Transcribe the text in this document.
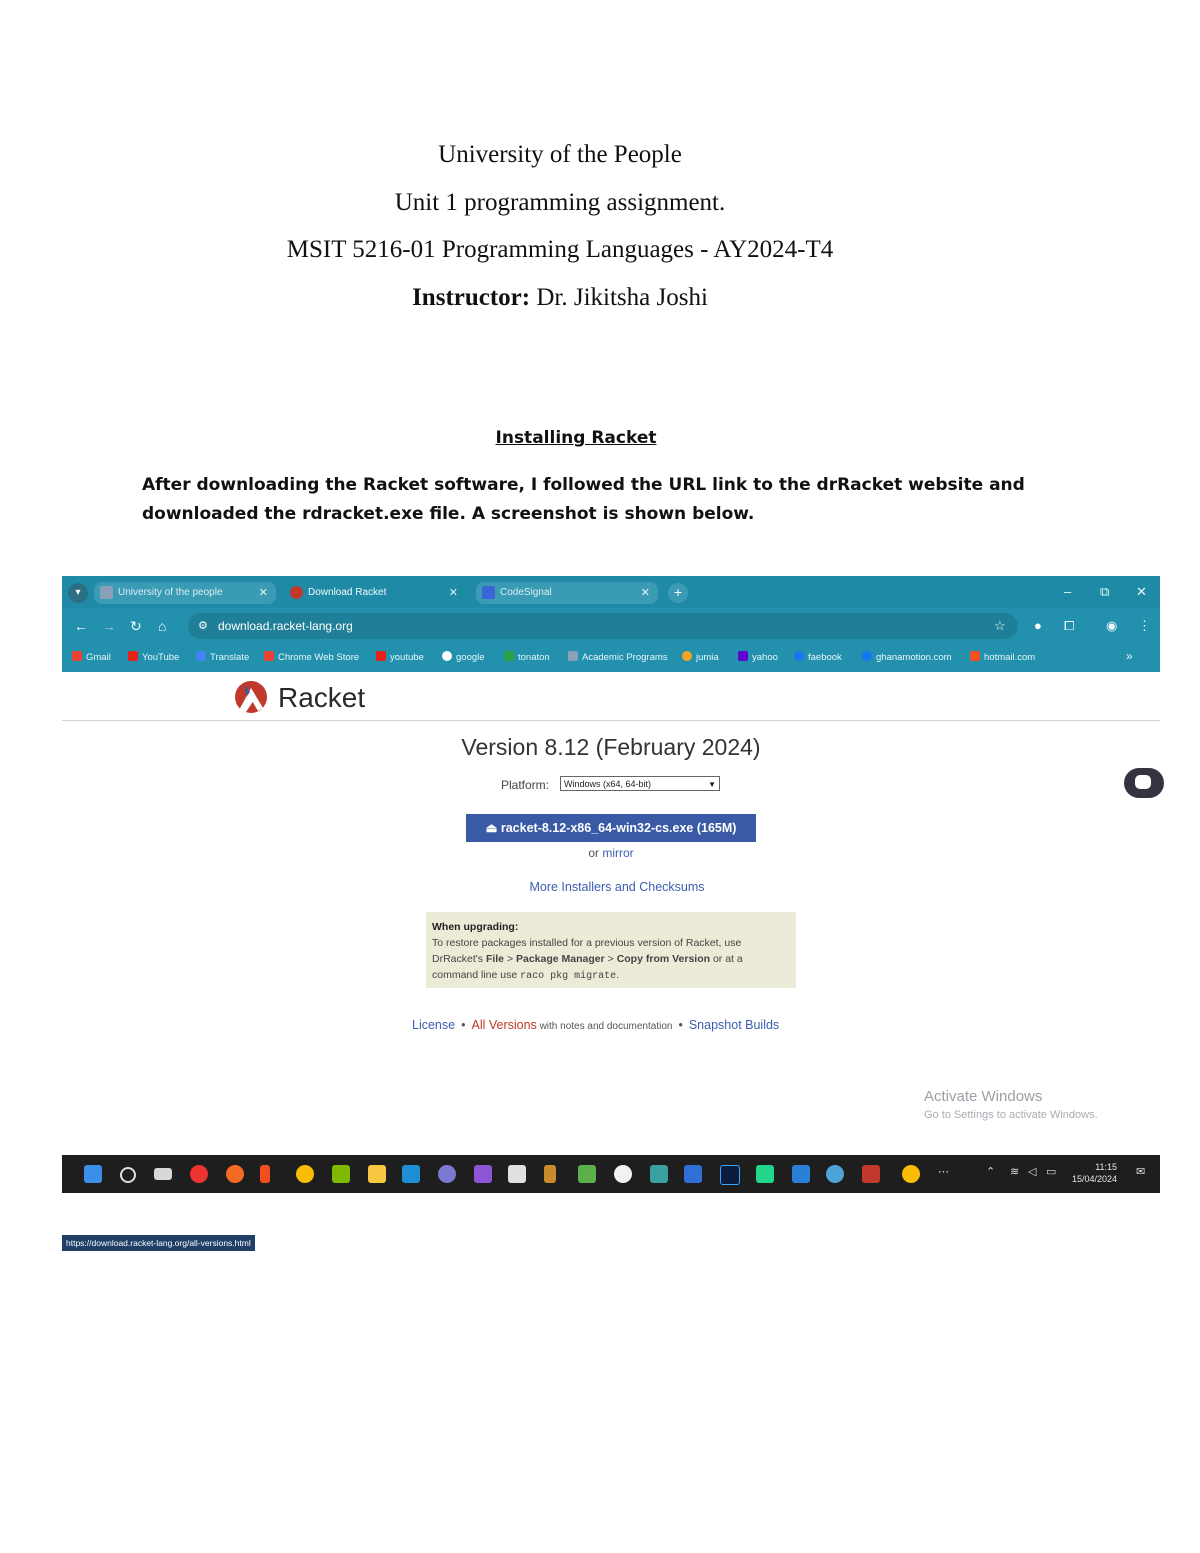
University of the People
Unit 1 programming assignment.
MSIT 5216-01 Programming Languages - AY2024-T4
Instructor: Dr. Jikitsha Joshi
Installing Racket
After downloading the Racket software, I followed the URL link to the drRacket website and downloaded the rdracket.exe file. A screenshot is shown below.
▾	University of the people	✕	Download Racket	✕	CodeSignal	✕	+	– ⧉ ✕
← → ↻ ⌂	⚙ download.racket-lang.org	☆ ● ⧠ ◉ ⋮
Gmail	YouTube	Translate	Chrome Web Store	youtube	google	tonaton	Academic Programs	jumia	yahoo	faebook	ghanamotion.com	hotmail.com	»
Racket
Version 8.12 (February 2024)
Platform:	Windows (x64, 64-bit)	▼
⏏ racket-8.12-x86_64-win32-cs.exe (165M)
or mirror
More Installers and Checksums
When upgrading:
To restore packages installed for a previous version of Racket, use
DrRacket's File > Package Manager > Copy from Version or at a
command line use raco pkg migrate.
License • All Versions with notes and documentation • Snapshot Builds
Activate Windows
Go to Settings to activate Windows.
https://download.racket-lang.org/all-versions.html
⋯	⌃ ≋ ◁ ▭	11:15
15/04/2024
✉
